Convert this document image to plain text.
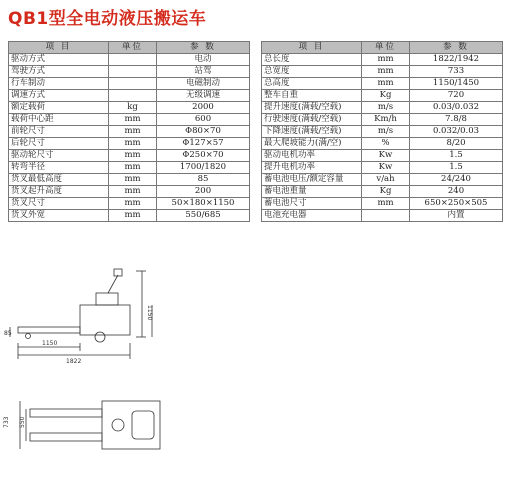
QB1型全电动液压搬运车
项 目	单位	参 数
驱动方式		电动
驾驶方式		站驾
行车制动		电磁制动
调速方式		无级调速
额定载荷	kg	2000
载荷中心距	mm	600
前轮尺寸	mm	Φ80×70
后轮尺寸	mm	Φ127×57
驱动轮尺寸	mm	Φ250×70
转弯半径	mm	1700/1820
货叉最低高度	mm	85
货叉起升高度	mm	200
货叉尺寸	mm	50×180×1150
货叉外宽	mm	550/685
项 目	单位	参 数
总长度	mm	1822/1942
总宽度	mm	733
总高度	mm	1150/1450
整车自重	Kg	720
提升速度(满载/空载)	m/s	0.03/0.032
行驶速度(满载/空载)	Km/h	7.8/8
下降速度(满载/空载)	m/s	0.032/0.03
最大爬坡能力(满/空)	%	8/20
驱动电机功率	Kw	1.5
提升电机功率	Kw	1.5
蓄电池电压/额定容量	v/ah	24/240
蓄电池重量	Kg	240
蓄电池尺寸	mm	650×250×505
电池充电器		内置
1150
85
1150
1822
733 550
